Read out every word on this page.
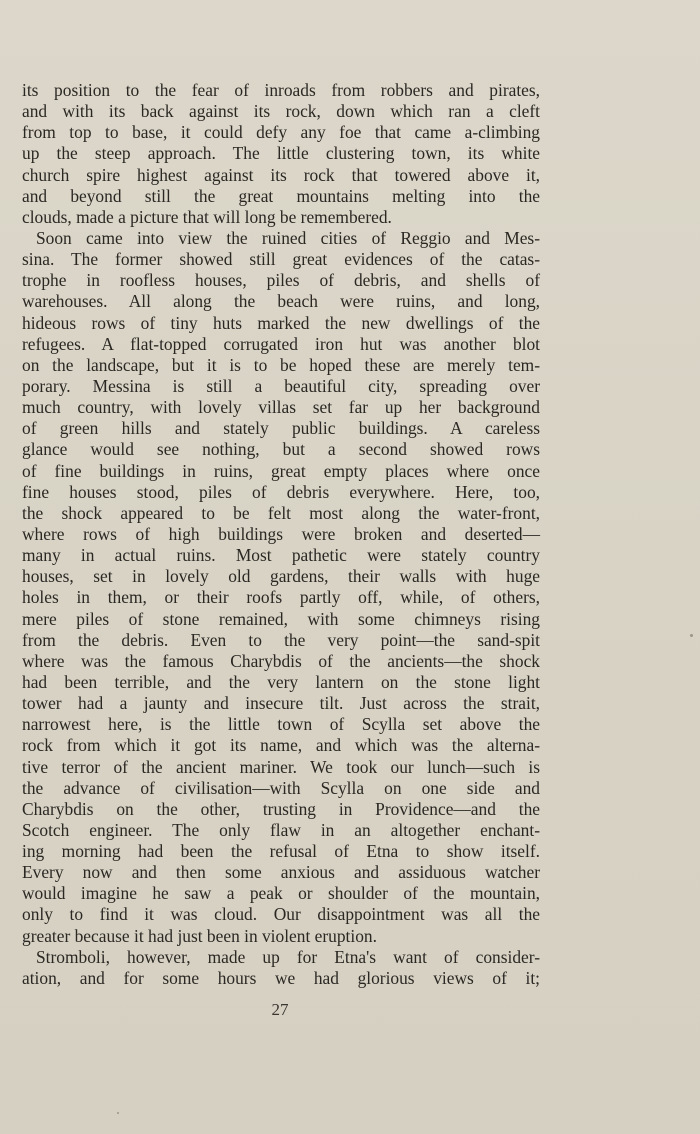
its position to the fear of inroads from robbers and pirates,
and with its back against its rock, down which ran a cleft
from top to base, it could defy any foe that came a-climbing
up the steep approach. The little clustering town, its white
church spire highest against its rock that towered above it,
and beyond still the great mountains melting into the
clouds, made a picture that will long be remembered.
Soon came into view the ruined cities of Reggio and Mes-
sina. The former showed still great evidences of the catas-
trophe in roofless houses, piles of debris, and shells of
warehouses. All along the beach were ruins, and long,
hideous rows of tiny huts marked the new dwellings of the
refugees. A flat-topped corrugated iron hut was another blot
on the landscape, but it is to be hoped these are merely tem-
porary. Messina is still a beautiful city, spreading over
much country, with lovely villas set far up her background
of green hills and stately public buildings. A careless
glance would see nothing, but a second showed rows
of fine buildings in ruins, great empty places where once
fine houses stood, piles of debris everywhere. Here, too,
the shock appeared to be felt most along the water-front,
where rows of high buildings were broken and deserted—
many in actual ruins. Most pathetic were stately country
houses, set in lovely old gardens, their walls with huge
holes in them, or their roofs partly off, while, of others,
mere piles of stone remained, with some chimneys rising
from the debris. Even to the very point—the sand-spit
where was the famous Charybdis of the ancients—the shock
had been terrible, and the very lantern on the stone light
tower had a jaunty and insecure tilt. Just across the strait,
narrowest here, is the little town of Scylla set above the
rock from which it got its name, and which was the alterna-
tive terror of the ancient mariner. We took our lunch—such is
the advance of civilisation—with Scylla on one side and
Charybdis on the other, trusting in Providence—and the
Scotch engineer. The only flaw in an altogether enchant-
ing morning had been the refusal of Etna to show itself.
Every now and then some anxious and assiduous watcher
would imagine he saw a peak or shoulder of the mountain,
only to find it was cloud. Our disappointment was all the
greater because it had just been in violent eruption.
Stromboli, however, made up for Etna's want of consider-
ation, and for some hours we had glorious views of it;
27
